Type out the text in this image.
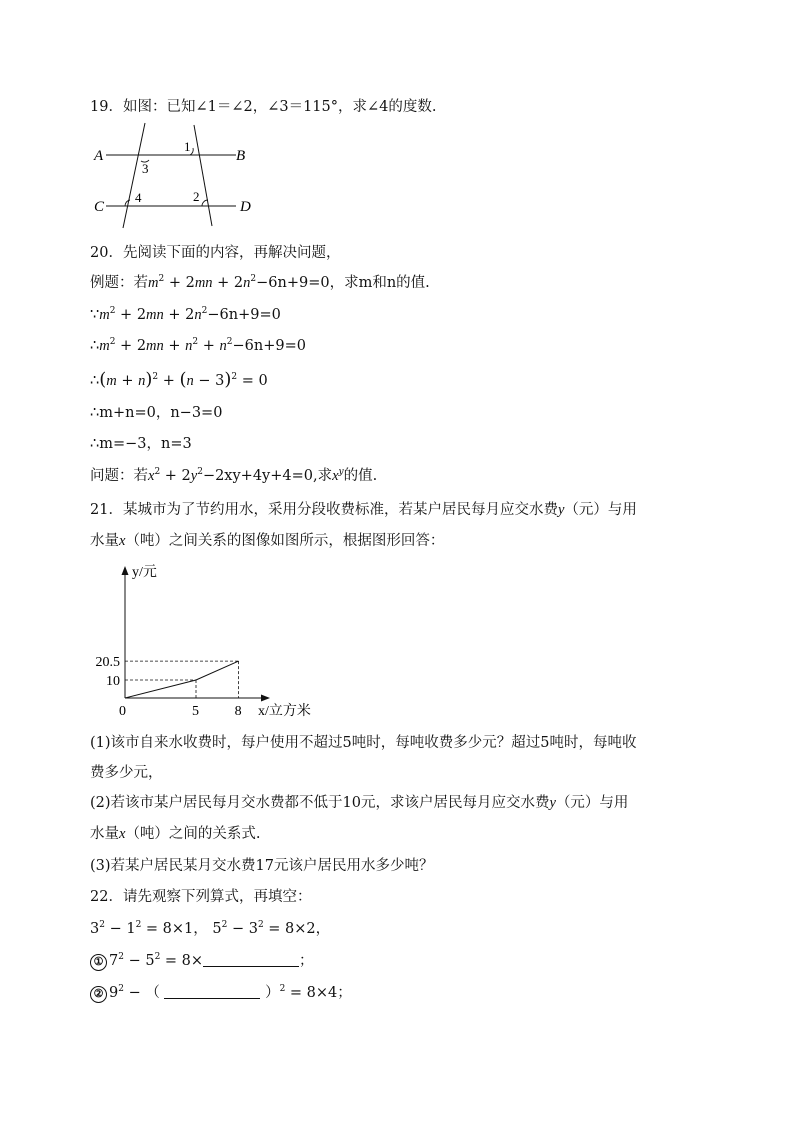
19．如图：已知∠1＝∠2，∠3＝115°，求∠4的度数.
A	B
C	D
1
2
3
4
20．先阅读下面的内容，再解决问题，
例题：若$m^2 + 2mn + 2n^2-6n+9=0$，求m和n的值.
$\because m^2 + 2mn + 2n^2-6n+9=0$
$\therefore m^2 + 2mn + n^2 + n^2-6n+9=0$
∴(m + $n)^2 + (n - 3)^2 = 0$
∴m+n=0，n−3=0
∴m=−3，n=3
问题：若$x^2 + 2y^2-2xy+4y+4=0$,求$x^y$的值.
21．某城市为了节约用水，采用分段收费标准，若某户居民每月应交水费y（元）与用
水量x（吨）之间关系的图像如图所示，根据图形回答：
0	5	8
10
20.5
x/立方米
y/元
(1)该市自来水收费时，每户使用不超过5吨时，每吨收费多少元？超过5吨时，每吨收
费多少元，
(2)若该市某户居民每月交水费都不低于10元，求该户居民每月应交水费y（元）与用
水量x（吨）之间的关系式.
(3)若某户居民某月交水费17元该户居民用水多少吨？
22．请先观察下列算式，再填空：
$3^2 - 1^2 = 8\times 1$， $5^2 - 3^2 = 8\times 2$，
① $7^2 - 5^2 = 8\times$	；
② $9^2$ − （	）$^2$ = 8×4；
